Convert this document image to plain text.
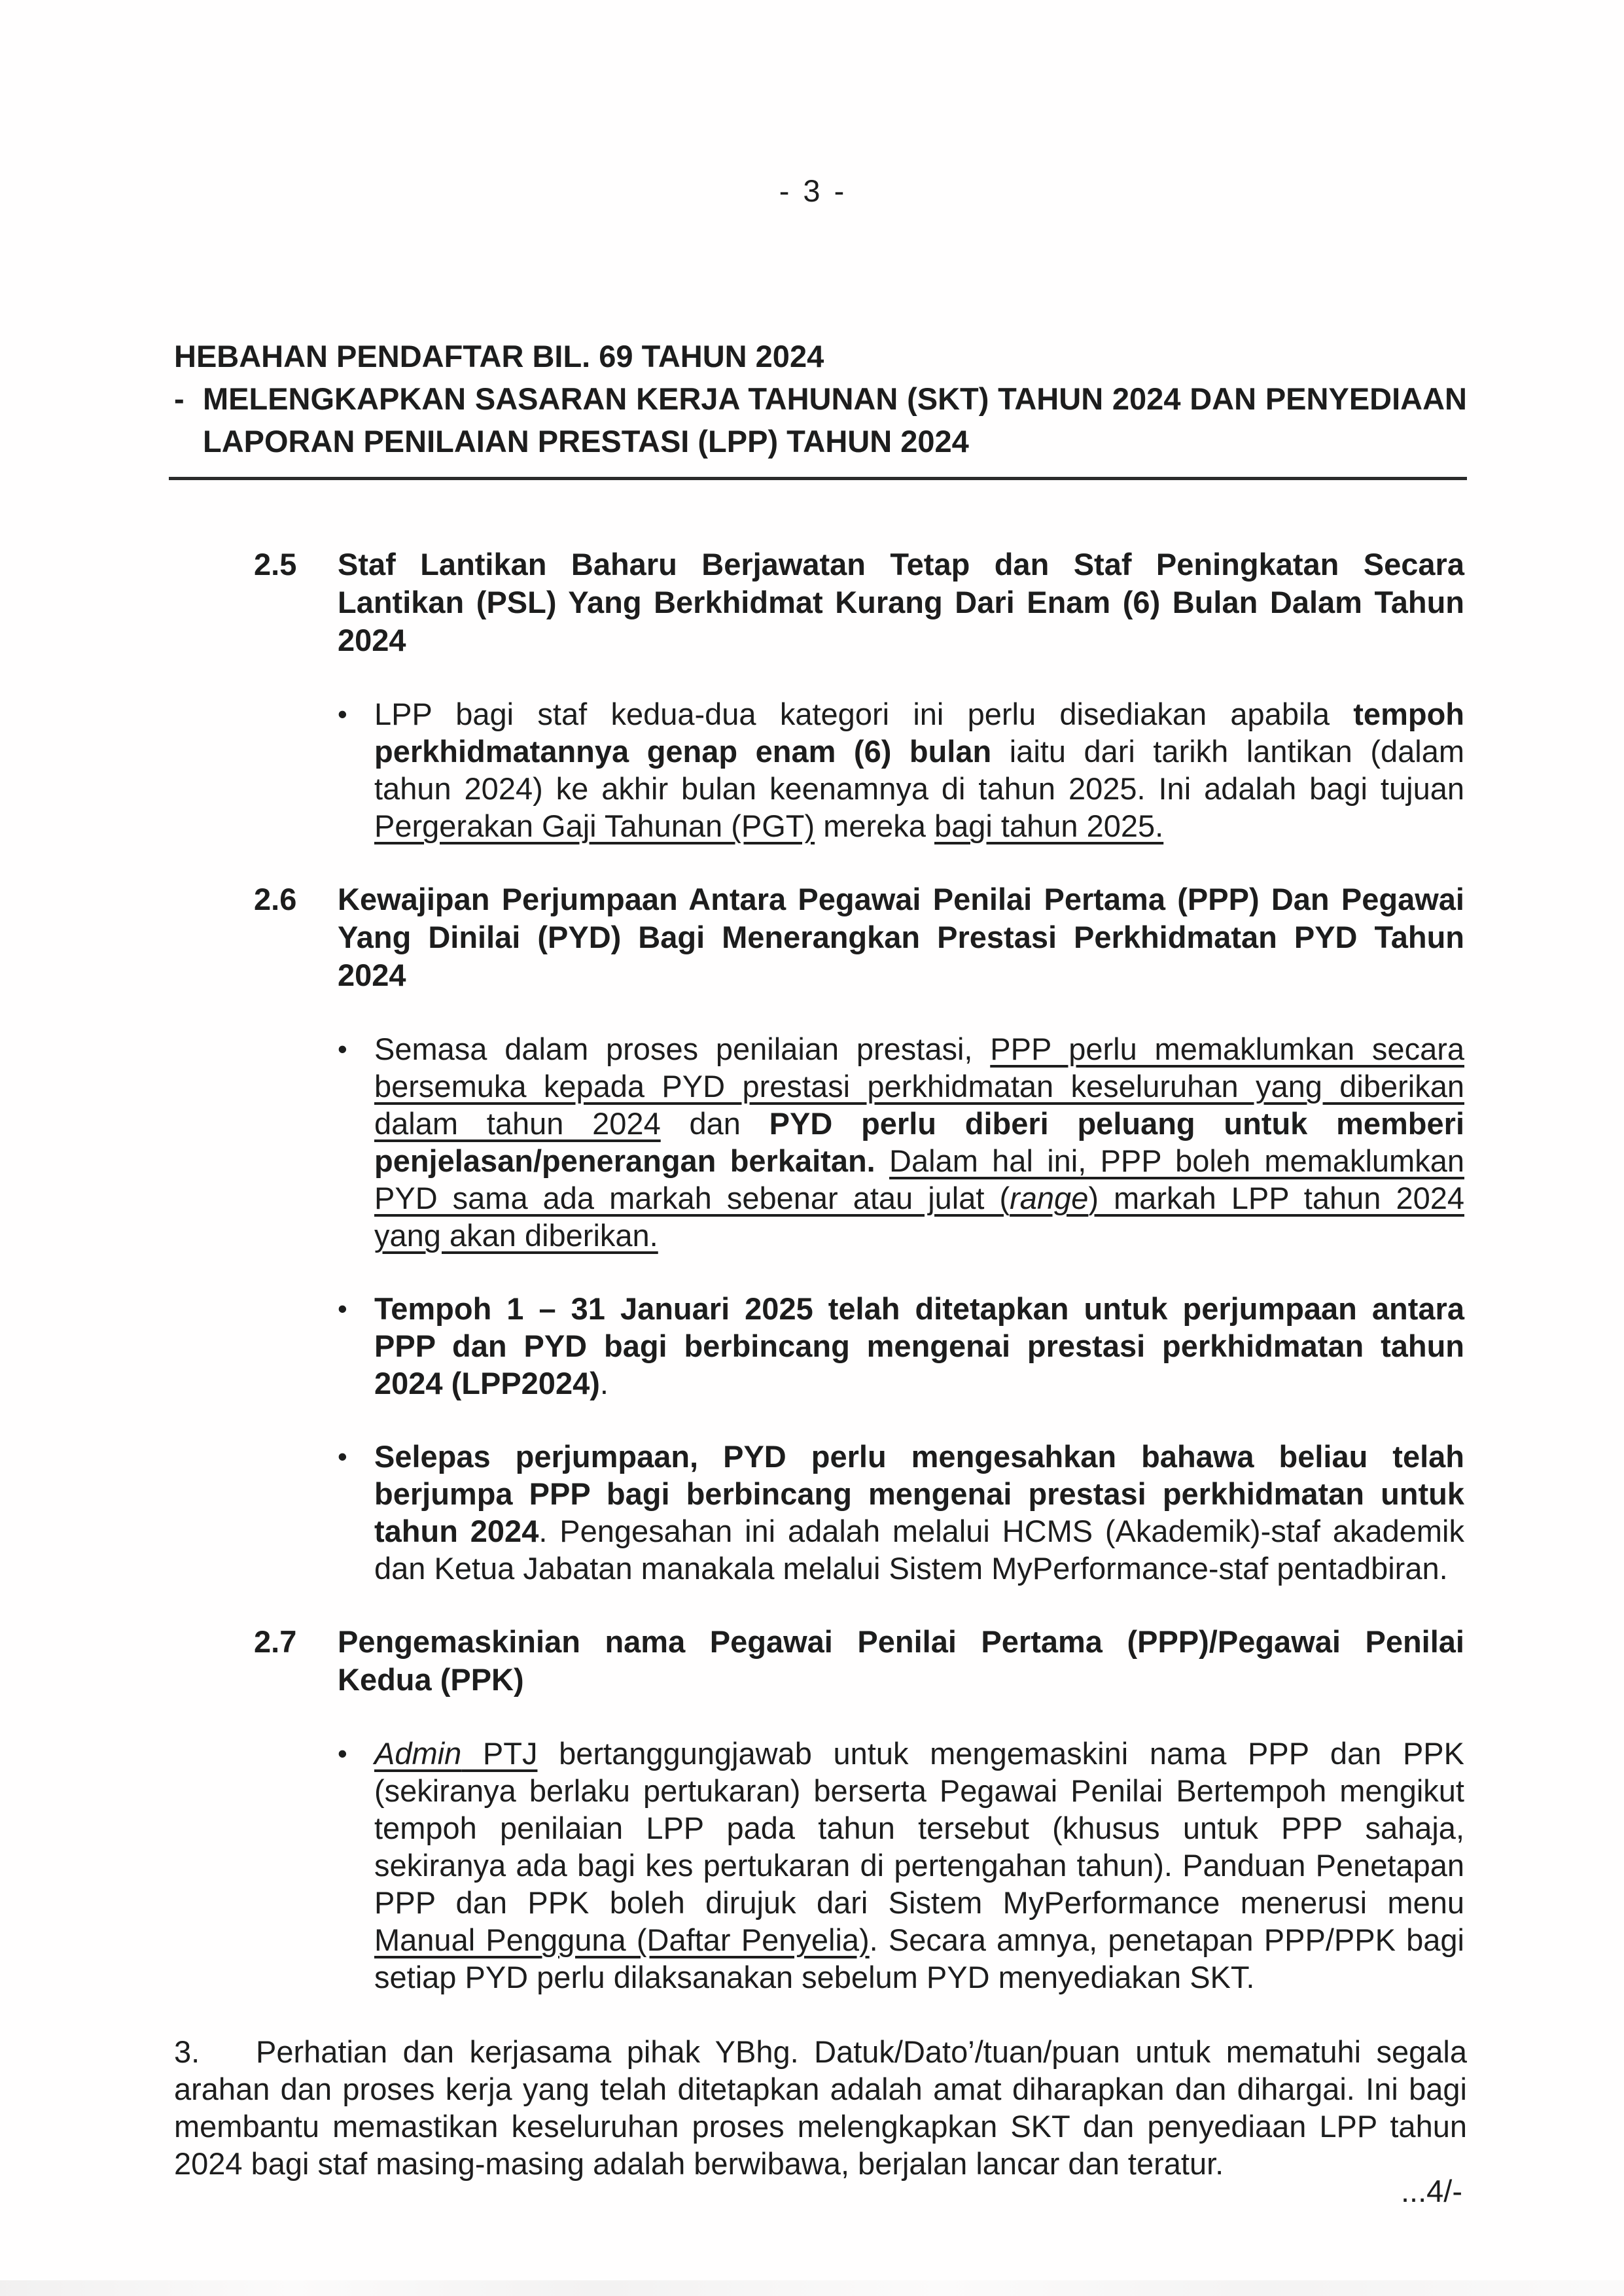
- 3 -
HEBAHAN PENDAFTAR BIL. 69 TAHUN 2024
- MELENGKAPKAN SASARAN KERJA TAHUNAN (SKT) TAHUN 2024 DAN PENYEDIAAN LAPORAN PENILAIAN PRESTASI (LPP) TAHUN 2024
2.5	Staf Lantikan Baharu Berjawatan Tetap dan Staf Peningkatan Secara Lantikan (PSL) Yang Berkhidmat Kurang Dari Enam (6) Bulan Dalam Tahun 2024

• LPP bagi staf kedua-dua kategori ini perlu disediakan apabila tempoh perkhidmatannya genap enam (6) bulan iaitu dari tarikh lantikan (dalam tahun 2024) ke akhir bulan keenamnya di tahun 2025. Ini adalah bagi tujuan Pergerakan Gaji Tahunan (PGT) mereka bagi tahun 2025.

2.6	Kewajipan Perjumpaan Antara Pegawai Penilai Pertama (PPP) Dan Pegawai Yang Dinilai (PYD) Bagi Menerangkan Prestasi Perkhidmatan PYD Tahun 2024

• Semasa dalam proses penilaian prestasi, PPP perlu memaklumkan secara bersemuka kepada PYD prestasi perkhidmatan keseluruhan yang diberikan dalam tahun 2024 dan PYD perlu diberi peluang untuk memberi penjelasan/penerangan berkaitan. Dalam hal ini, PPP boleh memaklumkan PYD sama ada markah sebenar atau julat (range) markah LPP tahun 2024 yang akan diberikan.

• Tempoh 1 – 31 Januari 2025 telah ditetapkan untuk perjumpaan antara PPP dan PYD bagi berbincang mengenai prestasi perkhidmatan tahun 2024 (LPP2024).

• Selepas perjumpaan, PYD perlu mengesahkan bahawa beliau telah berjumpa PPP bagi berbincang mengenai prestasi perkhidmatan untuk tahun 2024. Pengesahan ini adalah melalui HCMS (Akademik)-staf akademik dan Ketua Jabatan manakala melalui Sistem MyPerformance-staf pentadbiran.

2.7	Pengemaskinian nama Pegawai Penilai Pertama (PPP)/Pegawai Penilai Kedua (PPK)

• Admin PTJ bertanggungjawab untuk mengemaskini nama PPP dan PPK (sekiranya berlaku pertukaran) berserta Pegawai Penilai Bertempoh mengikut tempoh penilaian LPP pada tahun tersebut (khusus untuk PPP sahaja, sekiranya ada bagi kes pertukaran di pertengahan tahun). Panduan Penetapan PPP dan PPK boleh dirujuk dari Sistem MyPerformance menerusi menu Manual Pengguna (Daftar Penyelia). Secara amnya, penetapan PPP/PPK bagi setiap PYD perlu dilaksanakan sebelum PYD menyediakan SKT.

3. Perhatian dan kerjasama pihak YBhg. Datuk/Dato’/tuan/puan untuk mematuhi segala arahan dan proses kerja yang telah ditetapkan adalah amat diharapkan dan dihargai. Ini bagi membantu memastikan keseluruhan proses melengkapkan SKT dan penyediaan LPP tahun 2024 bagi staf masing-masing adalah berwibawa, berjalan lancar dan teratur.

...4/-
